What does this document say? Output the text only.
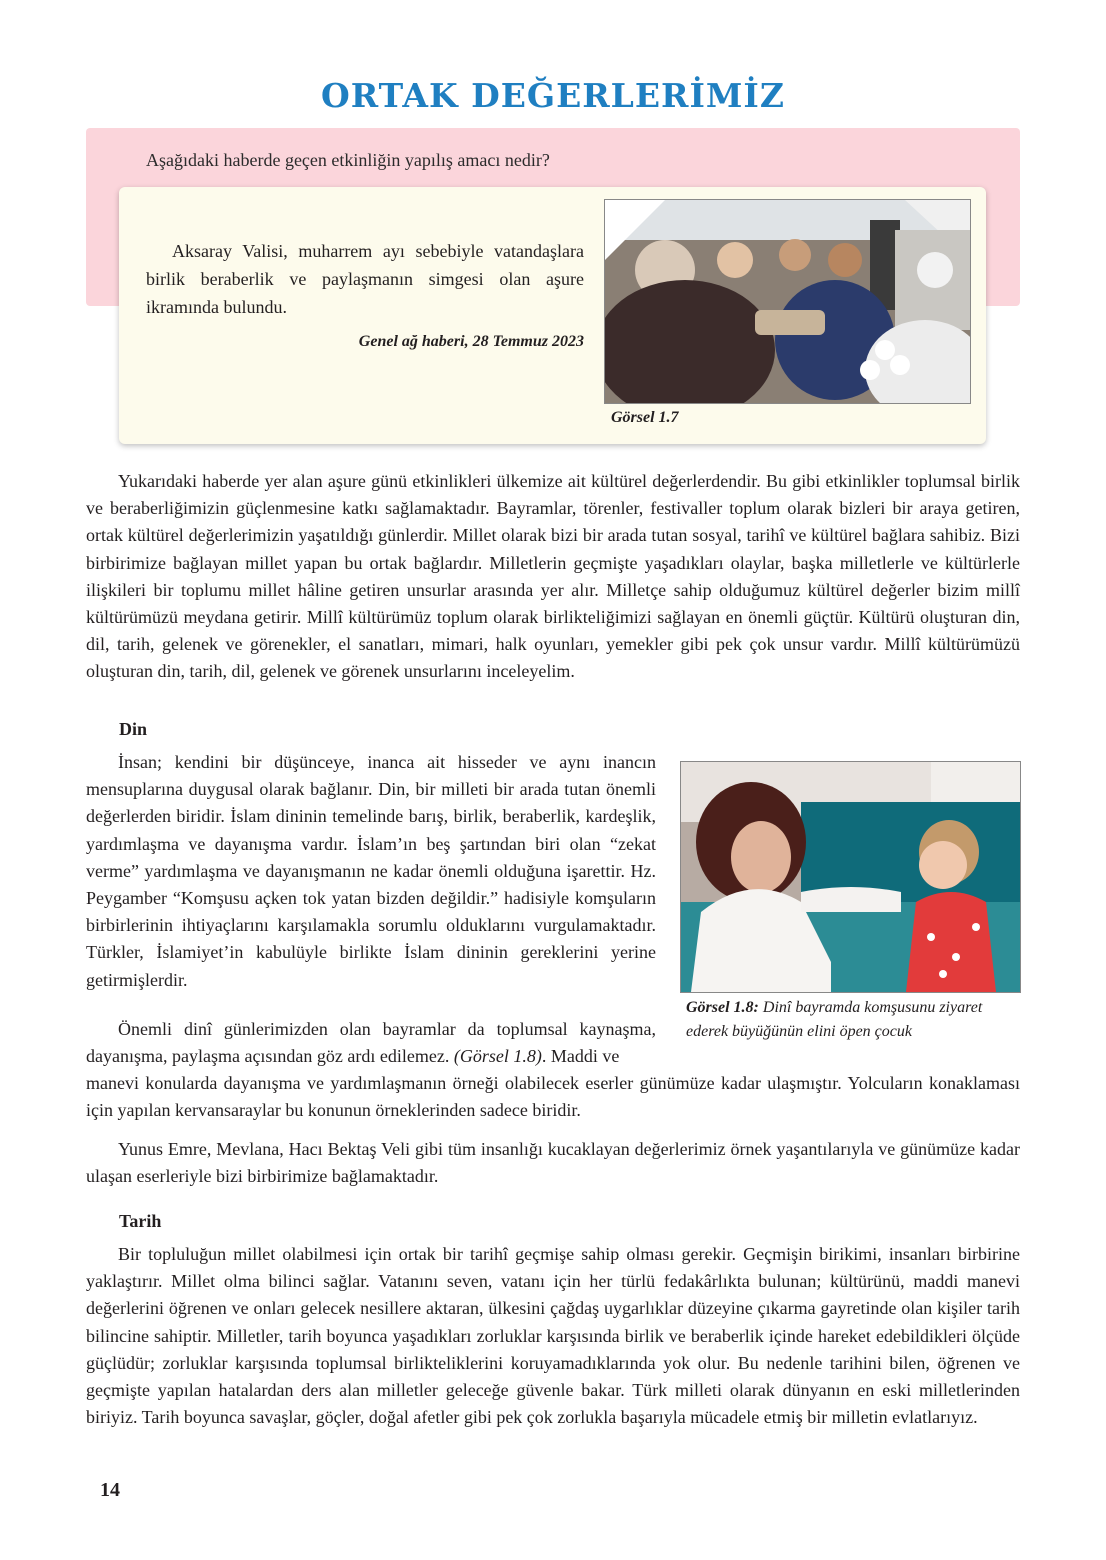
ORTAK DEĞERLERİMİZ
Aşağıdaki haberde geçen etkinliğin yapılış amacı nedir?
Aksaray Valisi, muharrem ayı sebebiyle vatandaşlara birlik beraberlik ve paylaşmanın simgesi olan aşure ikramında bulundu.
Genel ağ haberi, 28 Temmuz 2023
Görsel 1.7
Yukarıdaki haberde yer alan aşure günü etkinlikleri ülkemize ait kültürel değerlerdendir. Bu gibi etkinlikler toplumsal birlik ve beraberliğimizin güçlenmesine katkı sağlamaktadır. Bayramlar, törenler, festivaller toplum olarak bizleri bir araya getiren, ortak kültürel değerlerimizin yaşatıldığı günlerdir. Millet olarak bizi bir arada tutan sosyal, tarihî ve kültürel bağlara sahibiz. Bizi birbirimize bağlayan millet yapan bu ortak bağlardır. Milletlerin geçmişte yaşadıkları olaylar, başka milletlerle ve kültürlerle ilişkileri bir toplumu millet hâline getiren unsurlar arasında yer alır. Milletçe sahip olduğumuz kültürel değerler bizim millî kültürümüzü meydana getirir. Millî kültürümüz toplum olarak birlikteliğimizi sağlayan en önemli güçtür. Kültürü oluşturan din, dil, tarih, gelenek ve görenekler, el sanatları, mimari, halk oyunları, yemekler gibi pek çok unsur vardır. Millî kültürümüzü oluşturan din, tarih, dil, gelenek ve görenek unsurlarını inceleyelim.
Din
İnsan; kendini bir düşünceye, inanca ait hisseder ve aynı inancın mensuplarına duygusal olarak bağlanır. Din, bir milleti bir arada tutan önemli değerlerden biridir. İslam dininin temelinde barış, birlik, beraberlik, kardeşlik, yardımlaşma ve dayanışma vardır. İslam’ın beş şartından biri olan “zekat verme” yardımlaşma ve dayanışmanın ne kadar önemli olduğuna işarettir. Hz. Peygamber “Komşusu açken tok yatan bizden değildir.” hadisiyle komşuların birbirlerinin ihtiyaçlarını karşılamakla sorumlu olduklarını vurgulamaktadır. Türkler, İslamiyet’in kabulüyle birlikte İslam dininin gereklerini yerine getirmişlerdir.
Önemli dinî günlerimizden olan bayramlar da toplumsal kaynaşma, dayanışma, paylaşma açısından göz ardı edilemez. (Görsel 1.8). Maddi ve
manevi konularda dayanışma ve yardımlaşmanın örneği olabilecek eserler günümüze kadar ulaşmıştır. Yolcuların konaklaması için yapılan kervansaraylar bu konunun örneklerinden sadece biridir.
Yunus Emre, Mevlana, Hacı Bektaş Veli gibi tüm insanlığı kucaklayan değerlerimiz örnek yaşantılarıyla ve günümüze kadar ulaşan eserleriyle bizi birbirimize bağlamaktadır.
Görsel 1.8: Dinî bayramda komşusunu ziyaret ederek büyüğünün elini öpen çocuk
Tarih
Bir topluluğun millet olabilmesi için ortak bir tarihî geçmişe sahip olması gerekir. Geçmişin birikimi, insanları birbirine yaklaştırır. Millet olma bilinci sağlar. Vatanını seven, vatanı için her türlü fedakârlıkta bulunan; kültürünü, maddi manevi değerlerini öğrenen ve onları gelecek nesillere aktaran, ülkesini çağdaş uygarlıklar düzeyine çıkarma gayretinde olan kişiler tarih bilincine sahiptir. Milletler, tarih boyunca yaşadıkları zorluklar karşısında birlik ve beraberlik içinde hareket edebildikleri ölçüde güçlüdür; zorluklar karşısında toplumsal birlikteliklerini koruyamadıklarında yok olur. Bu nedenle tarihini bilen, öğrenen ve geçmişte yapılan hatalardan ders alan milletler geleceğe güvenle bakar. Türk milleti olarak dünyanın en eski milletlerinden biriyiz. Tarih boyunca savaşlar, göçler, doğal afetler gibi pek çok zorlukla başarıyla mücadele etmiş bir milletin evlatlarıyız.
14
